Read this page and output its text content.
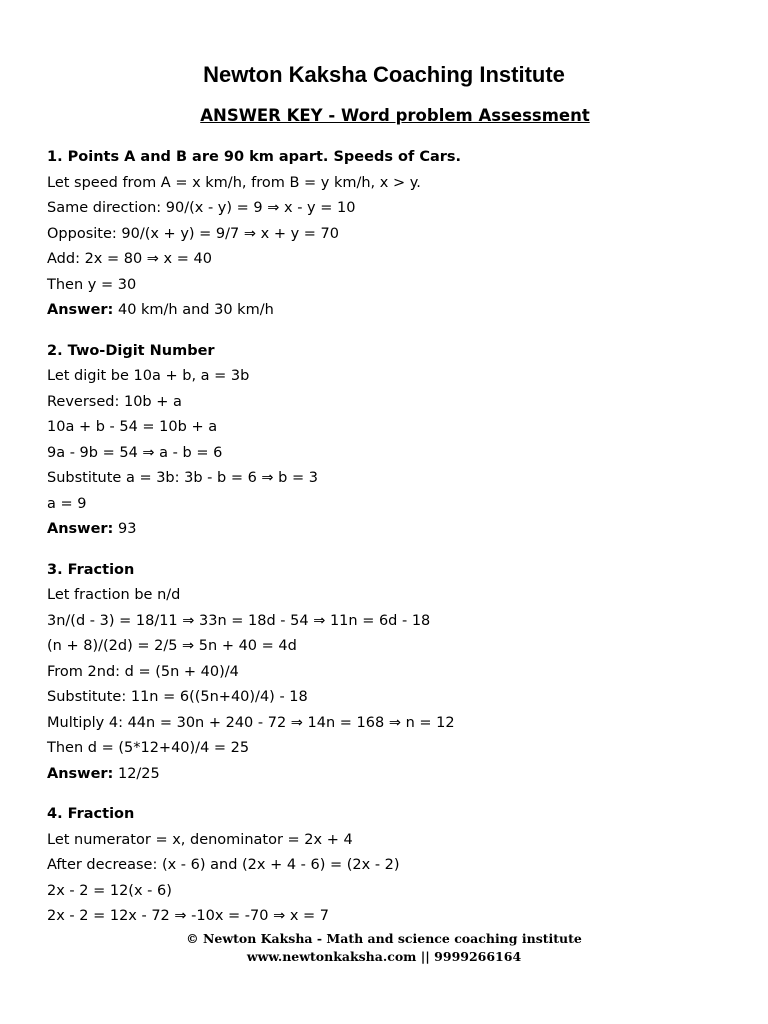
Newton Kaksha Coaching Institute
ANSWER KEY - Word problem Assessment
1. Points A and B are 90 km apart. Speeds of Cars.
Let speed from A = x km/h, from B = y km/h, x > y.
Same direction: 90/(x - y) = 9 ⇒ x - y = 10
Opposite: 90/(x + y) = 9/7 ⇒ x + y = 70
Add: 2x = 80 ⇒ x = 40
Then y = 30
Answer: 40 km/h and 30 km/h
2. Two-Digit Number
Let digit be 10a + b, a = 3b
Reversed: 10b + a
10a + b - 54 = 10b + a
9a - 9b = 54 ⇒ a - b = 6
Substitute a = 3b: 3b - b = 6 ⇒ b = 3
a = 9
Answer: 93
3. Fraction
Let fraction be n/d
3n/(d - 3) = 18/11 ⇒ 33n = 18d - 54 ⇒ 11n = 6d - 18
(n + 8)/(2d) = 2/5 ⇒ 5n + 40 = 4d
From 2nd: d = (5n + 40)/4
Substitute: 11n = 6((5n+40)/4) - 18
Multiply 4: 44n = 30n + 240 - 72 ⇒ 14n = 168 ⇒ n = 12
Then d = (5*12+40)/4 = 25
Answer: 12/25
4. Fraction
Let numerator = x, denominator = 2x + 4
After decrease: (x - 6) and (2x + 4 - 6) = (2x - 2)
2x - 2 = 12(x - 6)
2x - 2 = 12x - 72 ⇒ -10x = -70 ⇒ x = 7
© Newton Kaksha - Math and science coaching institute
www.newtonkaksha.com || 9999266164
